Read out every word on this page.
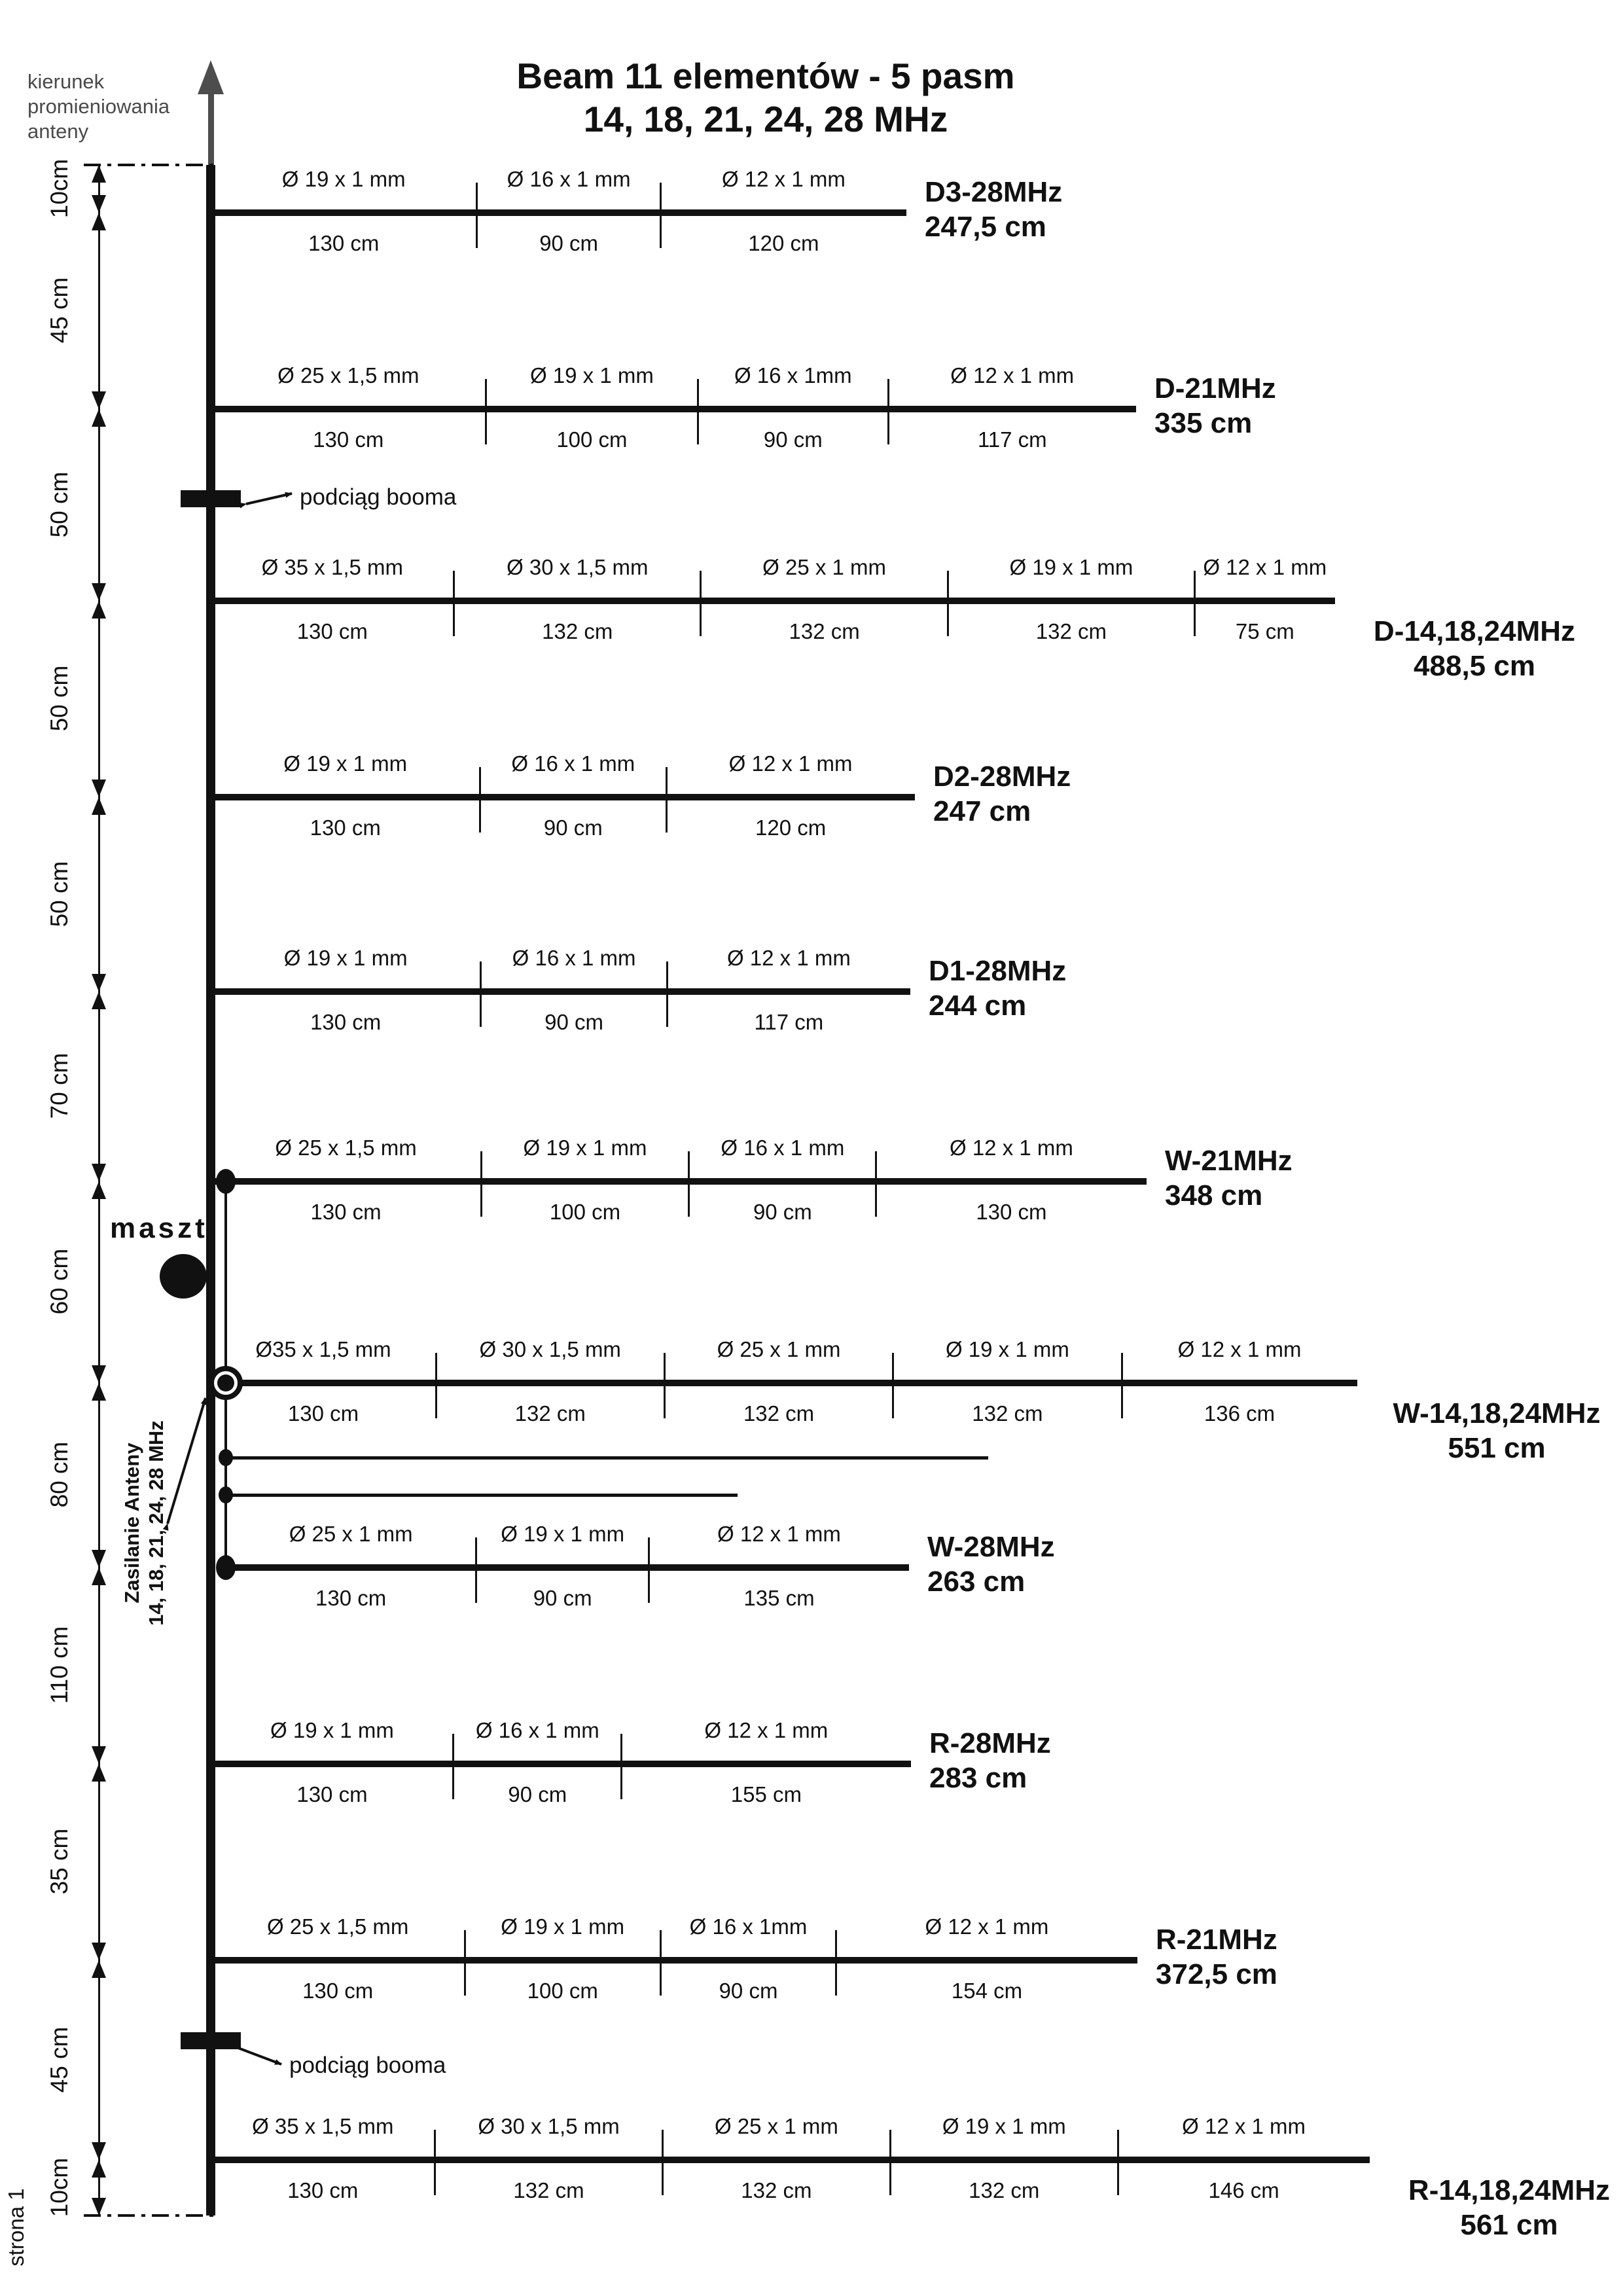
Beam 11 elementów - 5 pasm
14, 18, 21, 24, 28 MHz
kierunek
promieniowania
anteny
maszt
Zasilanie Anteny 14, 18, 21, 24, 28 MHz
strona 1
podciąg booma
podciąg booma
Ø 19 x 1 mm
130 cm
Ø 16 x 1 mm
90 cm
Ø 12 x 1 mm
120 cm
D3-28MHz
247,5 cm
Ø 25 x 1,5 mm
130 cm
Ø 19 x 1 mm
100 cm
Ø 16 x 1mm
90 cm
Ø 12 x 1 mm
117 cm
D-21MHz
335 cm
Ø 35 x 1,5 mm
130 cm
Ø 30 x 1,5 mm
132 cm
Ø 25 x 1 mm
132 cm
Ø 19 x 1 mm
132 cm
Ø 12 x 1 mm
75 cm	D-14,18,24MHz
488,5 cm
Ø 19 x 1 mm
130 cm
Ø 16 x 1 mm
90 cm
Ø 12 x 1 mm
120 cm
D2-28MHz
247 cm
Ø 19 x 1 mm
130 cm
Ø 16 x 1 mm
90 cm
Ø 12 x 1 mm
117 cm
D1-28MHz
244 cm
Ø 25 x 1,5 mm
130 cm
Ø 19 x 1 mm
100 cm
Ø 16 x 1 mm
90 cm
Ø 12 x 1 mm
130 cm
W-21MHz
348 cm
Ø35 x 1,5 mm
130 cm
Ø 30 x 1,5 mm
132 cm
Ø 25 x 1 mm
132 cm
Ø 19 x 1 mm
132 cm
Ø 12 x 1 mm
136 cm	W-14,18,24MHz
551 cm
Ø 25 x 1 mm
130 cm
Ø 19 x 1 mm
90 cm
Ø 12 x 1 mm
135 cm
W-28MHz
263 cm
Ø 19 x 1 mm
130 cm
Ø 16 x 1 mm
90 cm
Ø 12 x 1 mm
155 cm
R-28MHz
283 cm
Ø 25 x 1,5 mm
130 cm
Ø 19 x 1 mm
100 cm
Ø 16 x 1mm
90 cm
Ø 12 x 1 mm
154 cm
R-21MHz
372,5 cm
Ø 35 x 1,5 mm
130 cm
Ø 30 x 1,5 mm
132 cm
Ø 25 x 1 mm
132 cm
Ø 19 x 1 mm
132 cm
Ø 12 x 1 mm
146 cm	R-14,18,24MHz
561 cm
10cm
45 cm
50 cm
50 cm
50 cm
70 cm
60 cm
80 cm
110 cm
35 cm
45 cm
10cm
